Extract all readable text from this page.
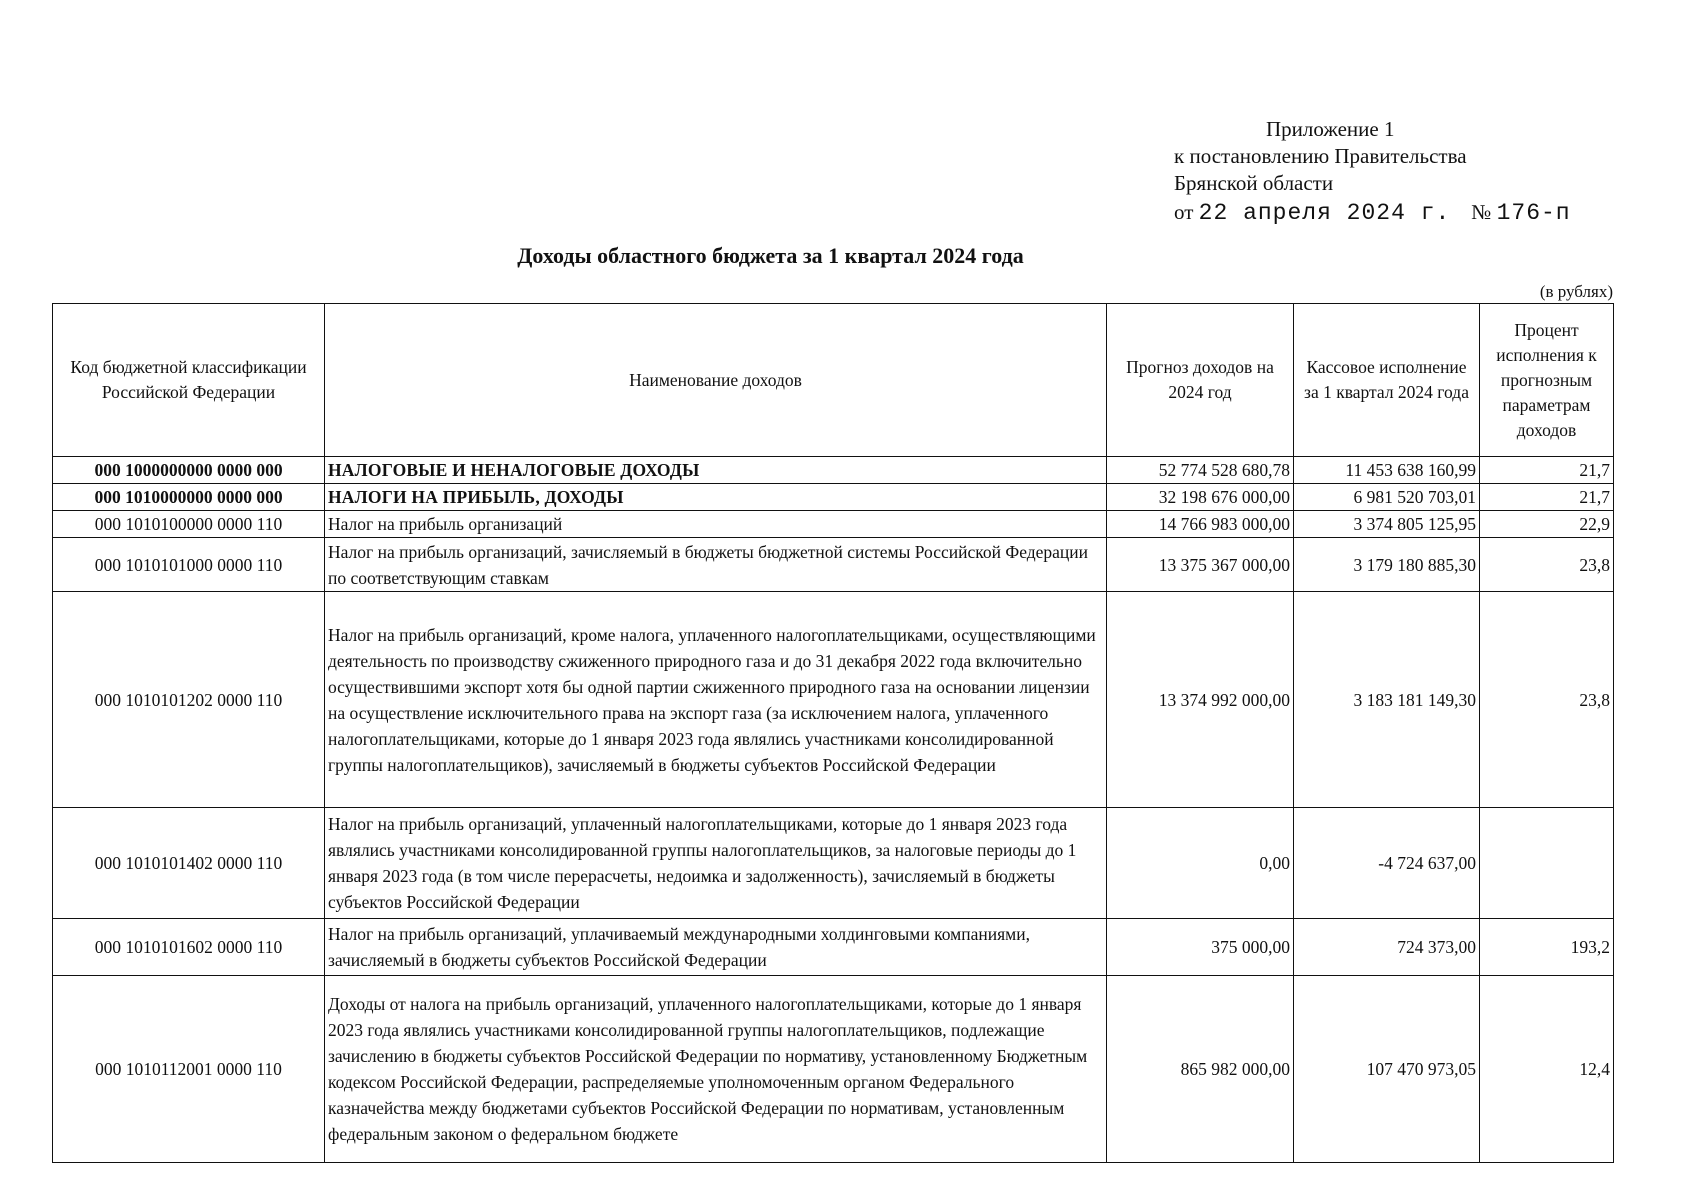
Приложение 1
к постановлению Правительства
Брянской области
от 22 апреля 2024 г. № 176-п
Доходы областного бюджета за 1 квартал 2024 года
(в рублях)
Код бюджетной классификации Российской Федерации	Наименование доходов	Прогноз доходов на 2024 год	Кассовое исполнение за 1 квартал 2024 года	Процент исполнения к прогнозным параметрам доходов
000 1000000000 0000 000	НАЛОГОВЫЕ И НЕНАЛОГОВЫЕ ДОХОДЫ	52 774 528 680,78	11 453 638 160,99	21,7
000 1010000000 0000 000	НАЛОГИ НА ПРИБЫЛЬ, ДОХОДЫ	32 198 676 000,00	6 981 520 703,01	21,7
000 1010100000 0000 110	Налог на прибыль организаций	14 766 983 000,00	3 374 805 125,95	22,9
000 1010101000 0000 110	Налог на прибыль организаций, зачисляемый в бюджеты бюджетной системы Российской Федерации по соответствующим ставкам	13 375 367 000,00	3 179 180 885,30	23,8
000 1010101202 0000 110	Налог на прибыль организаций, кроме налога, уплаченного налогоплательщиками, осуществляющими деятельность по производству сжиженного природного газа и до 31 декабря 2022 года включительно осуществившими экспорт хотя бы одной партии сжиженного природного газа на основании лицензии на осуществление исключительного права на экспорт газа (за исключением налога, уплаченного налогоплательщиками, которые до 1 января 2023 года являлись участниками консолидированной группы налогоплательщиков), зачисляемый в бюджеты субъектов Российской Федерации	13 374 992 000,00	3 183 181 149,30	23,8
000 1010101402 0000 110	Налог на прибыль организаций, уплаченный налогоплательщиками, которые до 1 января 2023 года являлись участниками консолидированной группы налогоплательщиков, за налоговые периоды до 1 января 2023 года (в том числе перерасчеты, недоимка и задолженность), зачисляемый в бюджеты субъектов Российской Федерации	0,00	-4 724 637,00	
000 1010101602 0000 110	Налог на прибыль организаций, уплачиваемый международными холдинговыми компаниями, зачисляемый в бюджеты субъектов Российской Федерации	375 000,00	724 373,00	193,2
000 1010112001 0000 110	Доходы от налога на прибыль организаций, уплаченного налогоплательщиками, которые до 1 января 2023 года являлись участниками консолидированной группы налогоплательщиков, подлежащие зачислению в бюджеты субъектов Российской Федерации по нормативу, установленному Бюджетным кодексом Российской Федерации, распределяемые уполномоченным органом Федерального казначейства между бюджетами субъектов Российской Федерации по нормативам, установленным федеральным законом о федеральном бюджете	865 982 000,00	107 470 973,05	12,4
